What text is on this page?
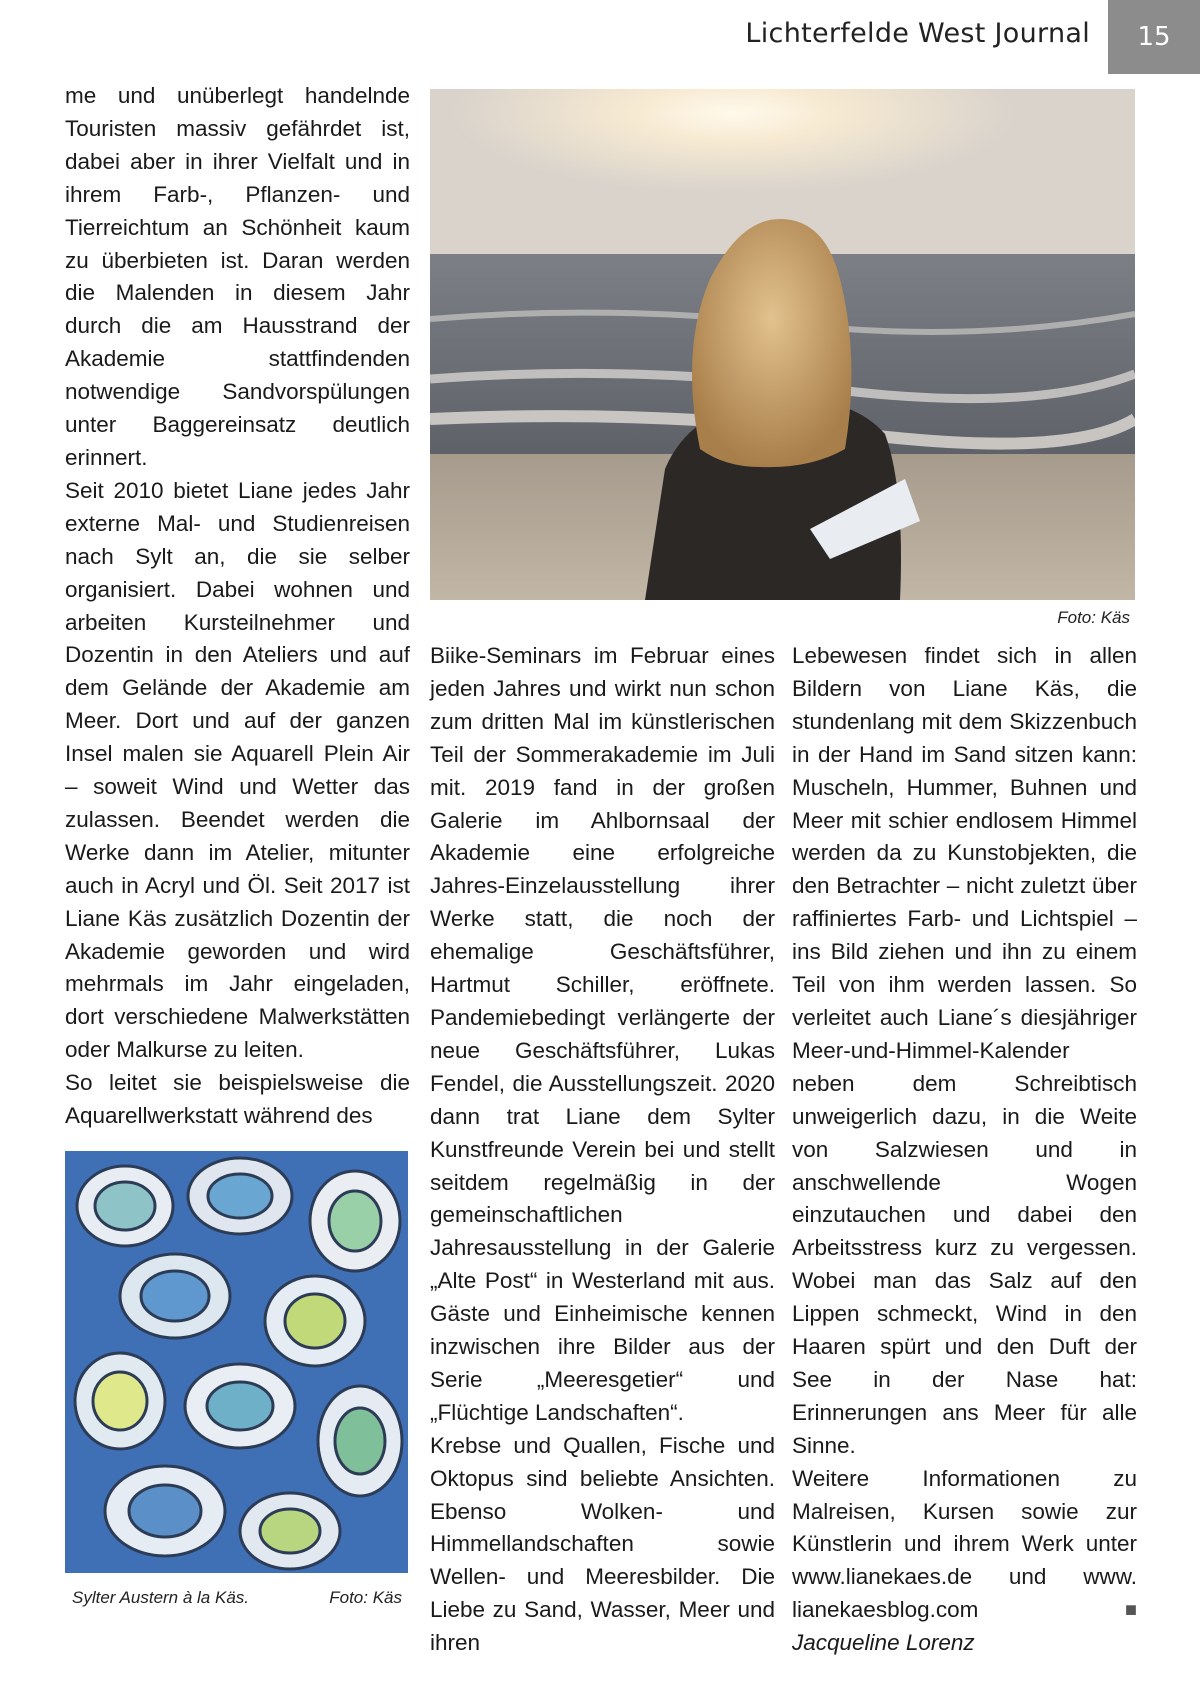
Lichterfelde West Journal	15

me und unüberlegt handelnde Touristen massiv gefährdet ist, dabei aber in ihrer Vielfalt und in ihrem Farb-, Pflanzen- und Tierreichtum an Schönheit kaum zu überbieten ist. Daran werden die Malenden in diesem Jahr durch die am Hausstrand der Akademie stattfindenden notwendige Sandvorspülungen unter Baggereinsatz deutlich erinnert.

Seit 2010 bietet Liane jedes Jahr externe Mal- und Studienreisen nach Sylt an, die sie selber organisiert. Dabei wohnen und arbeiten Kursteilnehmer und Dozentin in den Ateliers und auf dem Gelände der Akademie am Meer. Dort und auf der ganzen Insel malen sie Aquarell Plein Air – soweit Wind und Wetter das zulassen. Beendet werden die Werke dann im Atelier, mitunter auch in Acryl und Öl. Seit 2017 ist Liane Käs zusätzlich Dozentin der Akademie geworden und wird mehrmals im Jahr eingeladen, dort verschiedene Malwerkstätten oder Malkurse zu leiten.

So leitet sie beispielsweise die Aquarellwerkstatt während des

Foto: Käs

Biike-Seminars im Februar eines jeden Jahres und wirkt nun schon zum dritten Mal im künstlerischen Teil der Sommerakademie im Juli mit. 2019 fand in der großen Galerie im Ahlbornsaal der Akademie eine erfolgreiche Jahres-Einzelausstellung ihrer Werke statt, die noch der ehemalige Geschäftsführer, Hartmut Schiller, eröffnete. Pandemiebedingt verlängerte der neue Geschäftsführer, Lukas Fendel, die Ausstellungszeit. 2020 dann trat Liane dem Sylter Kunstfreunde Verein bei und stellt seitdem regelmäßig in der gemeinschaftlichen Jahresausstellung in der Galerie „Alte Post“ in Westerland mit aus. Gäste und Einheimische kennen inzwischen ihre Bilder aus der Serie „Meeresgetier“ und „Flüchtige Landschaften“.

Krebse und Quallen, Fische und Oktopus sind beliebte Ansichten. Ebenso Wolken- und Himmellandschaften sowie Wellen- und Meeresbilder. Die Liebe zu Sand, Wasser, Meer und ihren

Lebewesen findet sich in allen Bildern von Liane Käs, die stundenlang mit dem Skizzenbuch in der Hand im Sand sitzen kann: Muscheln, Hummer, Buhnen und Meer mit schier endlosem Himmel werden da zu Kunstobjekten, die den Betrachter – nicht zuletzt über raffiniertes Farb- und Lichtspiel – ins Bild ziehen und ihn zu einem Teil von ihm werden lassen. So verleitet auch Liane´s diesjähriger Meer-und-Himmel-Kalender neben dem Schreibtisch unweigerlich dazu, in die Weite von Salzwiesen und in anschwellende Wogen einzutauchen und dabei den Arbeitsstress kurz zu vergessen. Wobei man das Salz auf den Lippen schmeckt, Wind in den Haaren spürt und den Duft der See in der Nase hat: Erinnerungen ans Meer für alle Sinne.

Weitere Informationen zu Malreisen, Kursen sowie zur Künstlerin und ihrem Werk unter www.lianekaes.de und www. lianekaesblog.com	■

Jacqueline Lorenz

Sylter Austern à la Käs.	Foto: Käs
